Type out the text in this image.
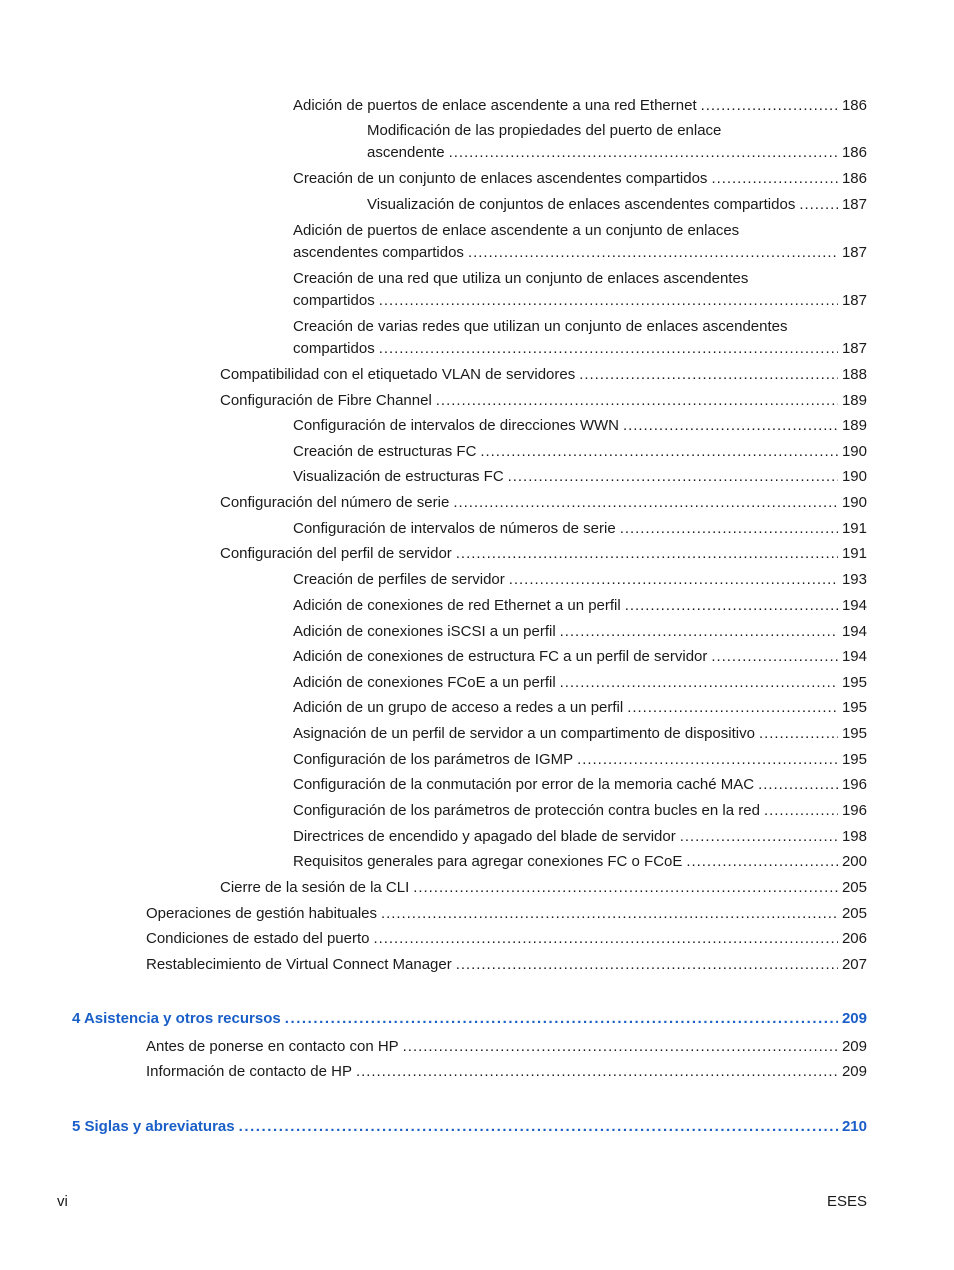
Adición de puertos de enlace ascendente a una red Ethernet . . .	186
Modificación de las propiedades del puerto de enlace
ascendente . . .	186
Creación de un conjunto de enlaces ascendentes compartidos . . .	186
Visualización de conjuntos de enlaces ascendentes compartidos . . .	187
Adición de puertos de enlace ascendente a un conjunto de enlaces
ascendentes compartidos . . .	187
Creación de una red que utiliza un conjunto de enlaces ascendentes
compartidos . . .	187
Creación de varias redes que utilizan un conjunto de enlaces ascendentes
compartidos . . .	187
Compatibilidad con el etiquetado VLAN de servidores . . .	188
Configuración de Fibre Channel . . .	189
Configuración de intervalos de direcciones WWN . . .	189
Creación de estructuras FC . . .	190
Visualización de estructuras FC . . .	190
Configuración del número de serie . . .	190
Configuración de intervalos de números de serie . . .	191
Configuración del perfil de servidor . . .	191
Creación de perfiles de servidor . . .	193
Adición de conexiones de red Ethernet a un perfil . . .	194
Adición de conexiones iSCSI a un perfil . . .	194
Adición de conexiones de estructura FC a un perfil de servidor . . .	194
Adición de conexiones FCoE a un perfil . . .	195
Adición de un grupo de acceso a redes a un perfil . . .	195
Asignación de un perfil de servidor a un compartimento de dispositivo . . .	195
Configuración de los parámetros de IGMP . . .	195
Configuración de la conmutación por error de la memoria caché MAC . . .	196
Configuración de los parámetros de protección contra bucles en la red . . .	196
Directrices de encendido y apagado del blade de servidor . . .	198
Requisitos generales para agregar conexiones FC o FCoE . . .	200
Cierre de la sesión de la CLI . . .	205
Operaciones de gestión habituales . . .	205
Condiciones de estado del puerto . . .	206
Restablecimiento de Virtual Connect Manager . . .	207
4 Asistencia y otros recursos . . .	209
Antes de ponerse en contacto con HP . . .	209
Información de contacto de HP . . .	209
5 Siglas y abreviaturas . . .	210
vi	ESES
